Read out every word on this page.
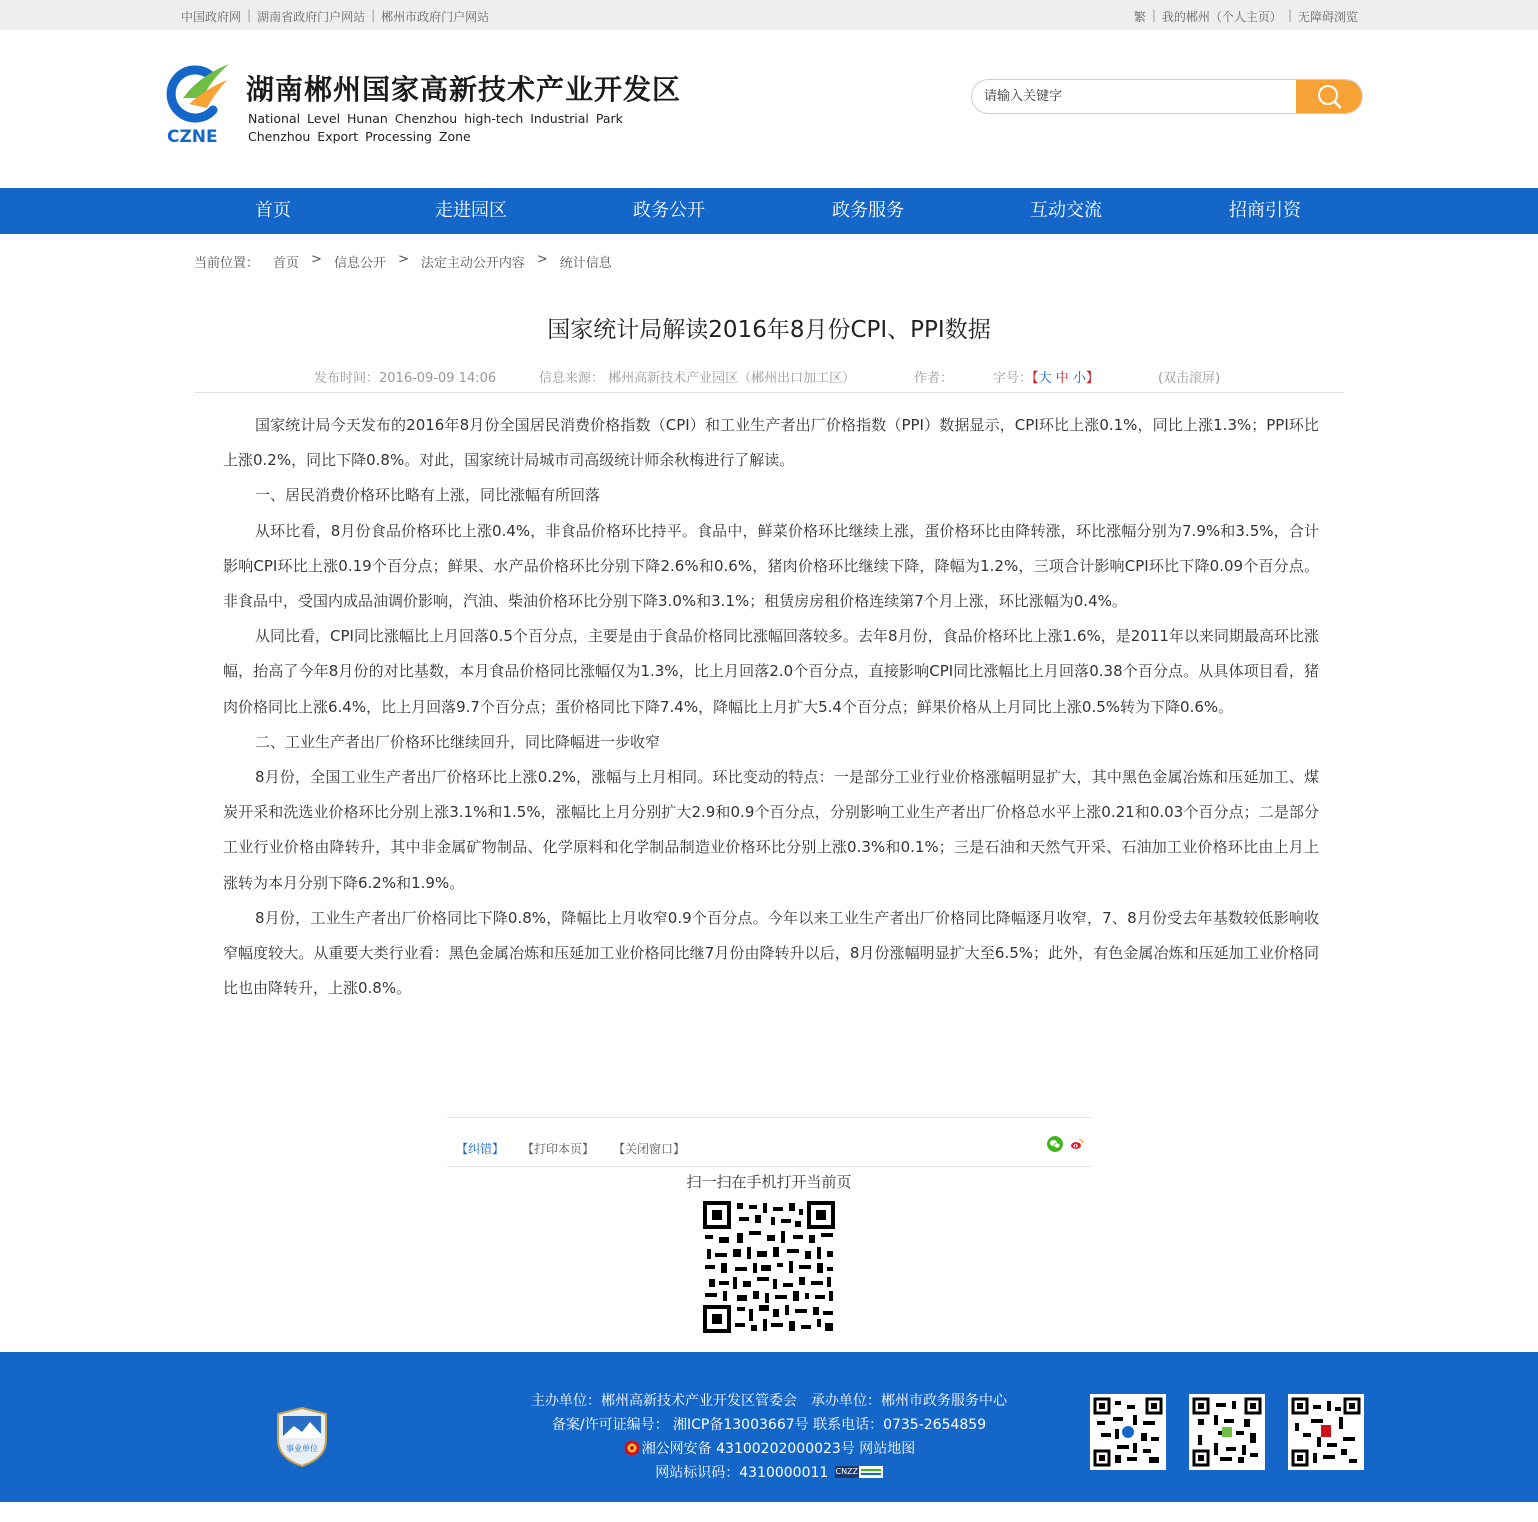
中国政府网 | 湖南省政府门户网站 | 郴州市政府门户网站	繁 | 我的郴州（个人主页） | 无障碍浏览
CZNE
湖南郴州国家高新技术产业开发区
National Level Hunan Chenzhou high-tech Industrial Park
Chenzhou Export Processing Zone
请输入关键字
首页	走进园区	政务公开	政务服务	互动交流	招商引资
当前位置： 首页 > 信息公开 > 法定主动公开内容 > 统计信息
国家统计局解读2016年8月份CPI、PPI数据
发布时间：2016-09-09 14:06	信息来源： 郴州高新技术产业园区（郴州出口加工区）	作者：	字号：【大 中 小】	(双击滚屏)

国家统计局今天发布的2016年8月份全国居民消费价格指数（CPI）和工业生产者出厂价格指数（PPI）数据显示，CPI环比上涨0.1%，同比上涨1.3%；PPI环比上涨0.2%，同比下降0.8%。对此，国家统计局城市司高级统计师余秋梅进行了解读。

一、居民消费价格环比略有上涨，同比涨幅有所回落

从环比看，8月份食品价格环比上涨0.4%，非食品价格环比持平。食品中，鲜菜价格环比继续上涨，蛋价格环比由降转涨，环比涨幅分别为7.9%和3.5%，合计影响CPI环比上涨0.19个百分点；鲜果、水产品价格环比分别下降2.6%和0.6%，猪肉价格环比继续下降，降幅为1.2%，三项合计影响CPI环比下降0.09个百分点。非食品中，受国内成品油调价影响，汽油、柴油价格环比分别下降3.0%和3.1%；租赁房房租价格连续第7个月上涨，环比涨幅为0.4%。

从同比看，CPI同比涨幅比上月回落0.5个百分点，主要是由于食品价格同比涨幅回落较多。去年8月份，食品价格环比上涨1.6%，是2011年以来同期最高环比涨幅，抬高了今年8月份的对比基数，本月食品价格同比涨幅仅为1.3%，比上月回落2.0个百分点，直接影响CPI同比涨幅比上月回落0.38个百分点。从具体项目看，猪肉价格同比上涨6.4%，比上月回落9.7个百分点；蛋价格同比下降7.4%，降幅比上月扩大5.4个百分点；鲜果价格从上月同比上涨0.5%转为下降0.6%。

二、工业生产者出厂价格环比继续回升，同比降幅进一步收窄

8月份，全国工业生产者出厂价格环比上涨0.2%，涨幅与上月相同。环比变动的特点：一是部分工业行业价格涨幅明显扩大，其中黑色金属冶炼和压延加工、煤炭开采和洗选业价格环比分别上涨3.1%和1.5%，涨幅比上月分别扩大2.9和0.9个百分点，分别影响工业生产者出厂价格总水平上涨0.21和0.03个百分点；二是部分工业行业价格由降转升，其中非金属矿物制品、化学原料和化学制品制造业价格环比分别上涨0.3%和0.1%；三是石油和天然气开采、石油加工业价格环比由上月上涨转为本月分别下降6.2%和1.9%。

8月份，工业生产者出厂价格同比下降0.8%，降幅比上月收窄0.9个百分点。今年以来工业生产者出厂价格同比降幅逐月收窄，7、8月份受去年基数较低影响收窄幅度较大。从重要大类行业看：黑色金属冶炼和压延加工业价格同比继7月份由降转升以后，8月份涨幅明显扩大至6.5%；此外，有色金属冶炼和压延加工业价格同比也由降转升，上涨0.8%。

【纠错】 【打印本页】 【关闭窗口】
扫一扫在手机打开当前页
事业单位
主办单位：郴州高新技术产业开发区管委会　承办单位：郴州市政务服务中心
备案/许可证编号： 湘ICP备13003667号 联系电话：0735-2654859
湘公网安备 43100202000023号 网站地图
网站标识码：4310000011 CNZZ
